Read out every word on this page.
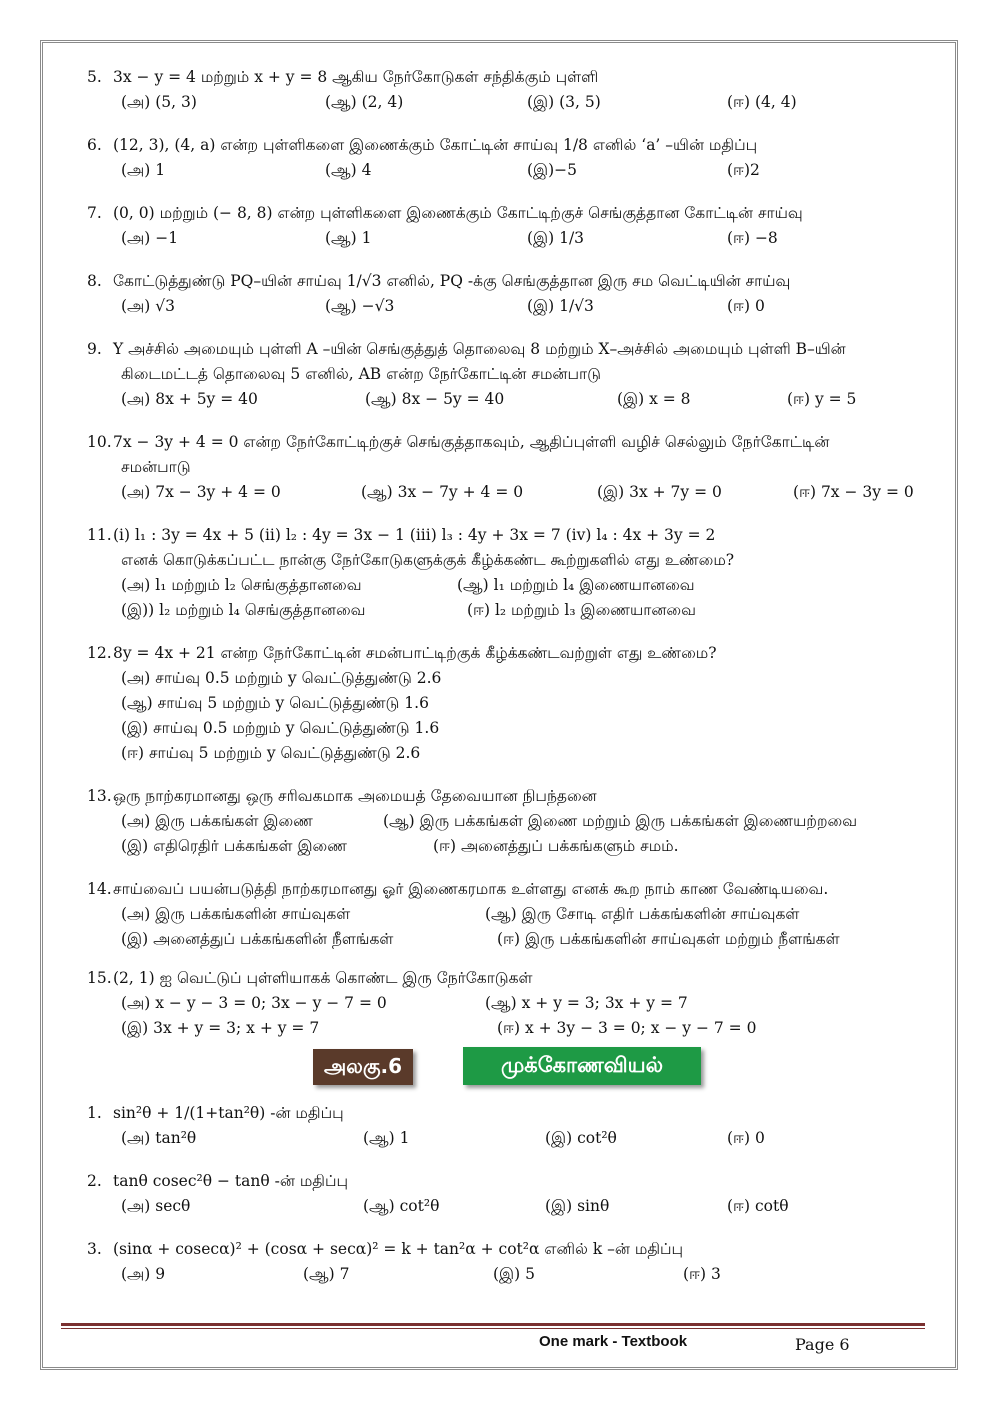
5. 3x − y = 4 மற்றும் x + y = 8 ஆகிய நேர்கோடுகள் சந்திக்கும் புள்ளி
(அ) (5, 3)	(ஆ) (2, 4)	(இ) (3, 5)	(ஈ) (4, 4)
6. (12, 3), (4, a) என்ற புள்ளிகளை இணைக்கும் கோட்டின் சாய்வு 1/8 எனில் ‘a’ –யின் மதிப்பு
(அ) 1	(ஆ) 4	(இ)−5	(ஈ)2
7. (0, 0) மற்றும் (− 8, 8) என்ற புள்ளிகளை இணைக்கும் கோட்டிற்குச் செங்குத்தான கோட்டின் சாய்வு
(அ) −1	(ஆ) 1	(இ) 1/3	(ஈ) −8
8. கோட்டுத்துண்டு PQ–யின் சாய்வு 1/√3 எனில், PQ -க்கு செங்குத்தான இரு சம வெட்டியின் சாய்வு
(அ) √3	(ஆ) −√3	(இ) 1/√3	(ஈ) 0
9. Y அச்சில் அமையும் புள்ளி A –யின் செங்குத்துத் தொலைவு 8 மற்றும் X–அச்சில் அமையும் புள்ளி B–யின்
கிடைமட்டத் தொலைவு 5 எனில், AB என்ற நேர்கோட்டின் சமன்பாடு
(அ) 8x + 5y = 40	(ஆ) 8x − 5y = 40	(இ) x = 8	(ஈ) y = 5
10. 7x − 3y + 4 = 0 என்ற நேர்கோட்டிற்குச் செங்குத்தாகவும், ஆதிப்புள்ளி வழிச் செல்லும் நேர்கோட்டின்
சமன்பாடு
(அ) 7x − 3y + 4 = 0	(ஆ) 3x − 7y + 4 = 0	(இ) 3x + 7y = 0	(ஈ) 7x − 3y = 0
11. (i) l₁ : 3y = 4x + 5 (ii) l₂ : 4y = 3x − 1 (iii) l₃ : 4y + 3x = 7 (iv) l₄ : 4x + 3y = 2
எனக் கொடுக்கப்பட்ட நான்கு நேர்கோடுகளுக்குக் கீழ்க்கண்ட கூற்றுகளில் எது உண்மை?
(அ) l₁ மற்றும் l₂ செங்குத்தானவை	(ஆ) l₁ மற்றும் l₄ இணையானவை
(இ)) l₂ மற்றும் l₄ செங்குத்தானவை	(ஈ) l₂ மற்றும் l₃ இணையானவை
12. 8y = 4x + 21 என்ற நேர்கோட்டின் சமன்பாட்டிற்குக் கீழ்க்கண்டவற்றுள் எது உண்மை?
(அ) சாய்வு 0.5 மற்றும் y வெட்டுத்துண்டு 2.6
(ஆ) சாய்வு 5 மற்றும் y வெட்டுத்துண்டு 1.6
(இ) சாய்வு 0.5 மற்றும் y வெட்டுத்துண்டு 1.6
(ஈ) சாய்வு 5 மற்றும் y வெட்டுத்துண்டு 2.6
13. ஒரு நாற்கரமானது ஒரு சரிவகமாக அமையத் தேவையான நிபந்தனை
(அ) இரு பக்கங்கள் இணை	(ஆ) இரு பக்கங்கள் இணை மற்றும் இரு பக்கங்கள் இணையற்றவை
(இ) எதிரெதிர் பக்கங்கள் இணை	(ஈ) அனைத்துப் பக்கங்களும் சமம்.
14. சாய்வைப் பயன்படுத்தி நாற்கரமானது ஓர் இணைகரமாக உள்ளது எனக் கூற நாம் காண வேண்டியவை.
(அ) இரு பக்கங்களின் சாய்வுகள்	(ஆ) இரு சோடி எதிர் பக்கங்களின் சாய்வுகள்
(இ) அனைத்துப் பக்கங்களின் நீளங்கள்	(ஈ) இரு பக்கங்களின் சாய்வுகள் மற்றும் நீளங்கள்
15. (2, 1) ஐ வெட்டுப் புள்ளியாகக் கொண்ட இரு நேர்கோடுகள்
(அ) x − y − 3 = 0; 3x − y − 7 = 0	(ஆ) x + y = 3; 3x + y = 7
(இ) 3x + y = 3; x + y = 7	(ஈ) x + 3y − 3 = 0; x − y − 7 = 0
அலகு.6	முக்கோணவியல்
1. sin²θ + 1/(1+tan²θ) -ன் மதிப்பு
(அ) tan²θ	(ஆ) 1	(இ) cot²θ	(ஈ) 0
2. tanθ cosec²θ − tanθ -ன் மதிப்பு
(அ) secθ	(ஆ) cot²θ	(இ) sinθ	(ஈ) cotθ
3. (sinα + cosecα)² + (cosα + secα)² = k + tan²α + cot²α எனில் k –ன் மதிப்பு
(அ) 9	(ஆ) 7	(இ) 5	(ஈ) 3
One mark - Textbook	Page 6
